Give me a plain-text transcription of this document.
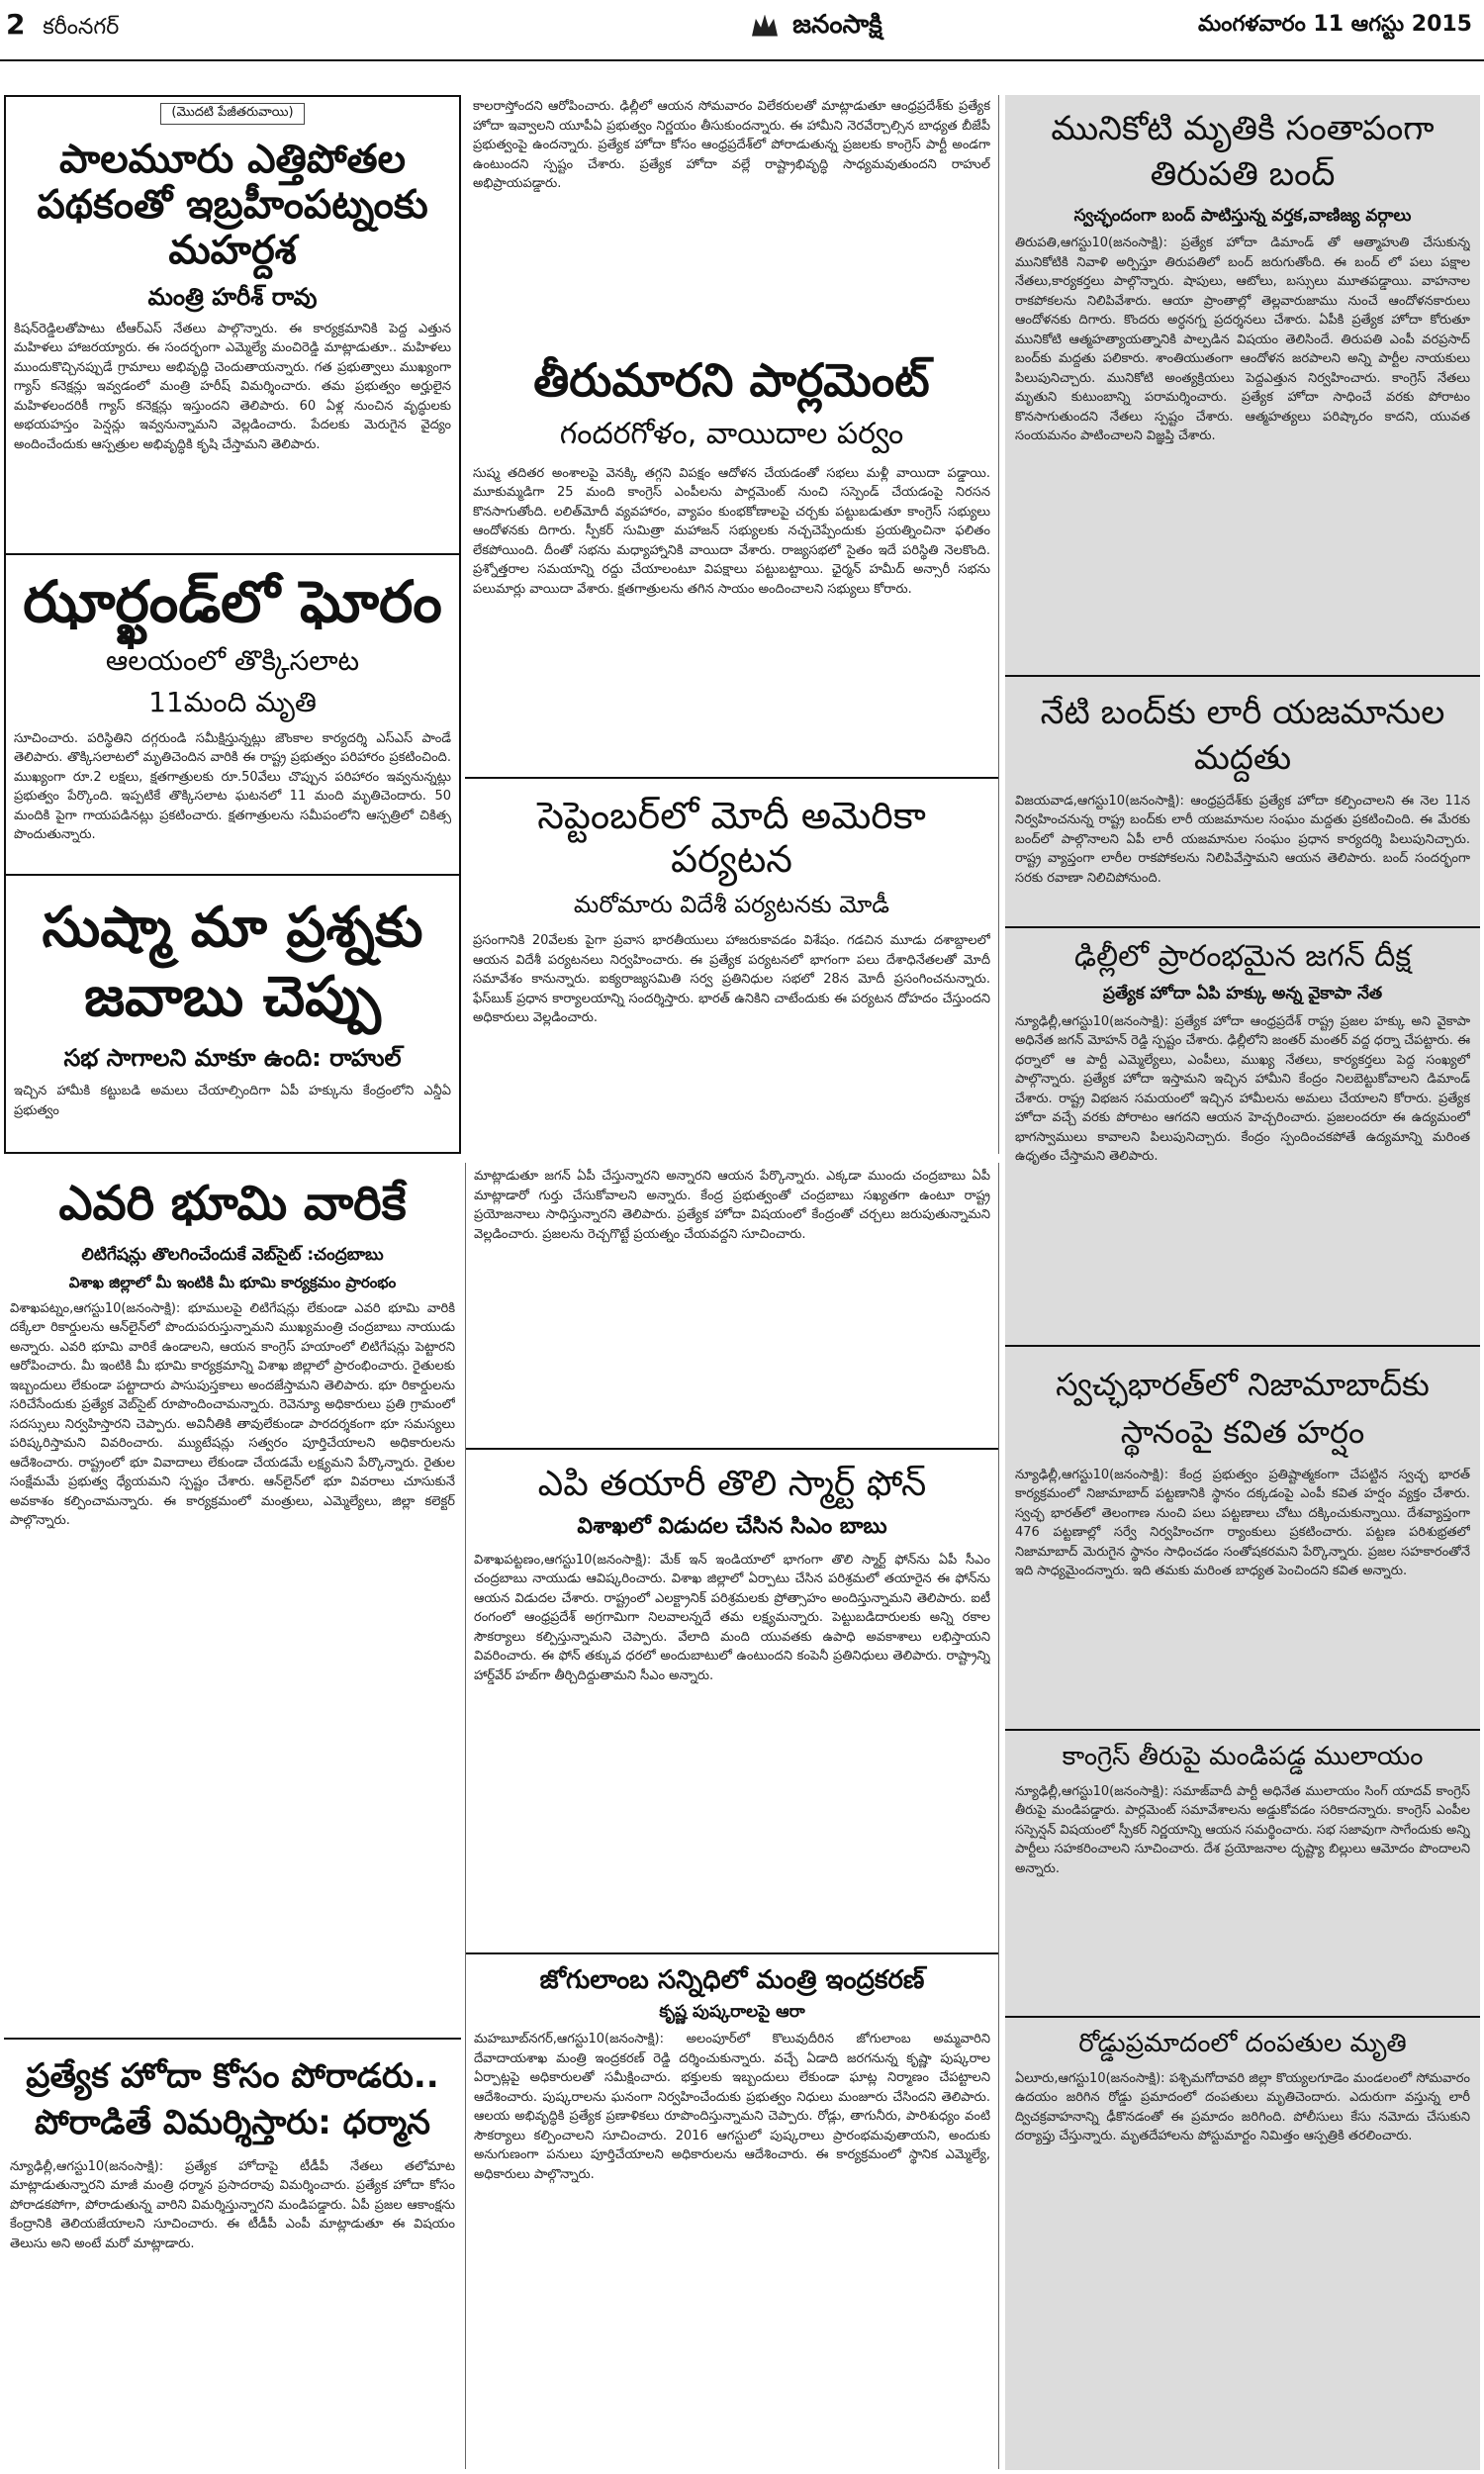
2 కరీంనగర్	జనంసాక్షి	మంగళవారం 11 ఆగస్టు 2015
(మొదటి పేజీతరువాయి)
పాలమూరు ఎత్తిపోతల పథకంతో ఇబ్రహీంపట్నంకు మహర్దశ
మంత్రి హరీశ్ రావు
కిషన్‌రెడ్డిలతోపాటు టీఆర్‌ఎస్ నేతలు పాల్గొన్నారు. ఈ కార్యక్రమానికి పెద్ద ఎత్తున మహిళలు హాజరయ్యారు. ఈ సందర్భంగా ఎమ్మెల్యే మంచిరెడ్డి మాట్లాడుతూ.. మహిళలు ముందుకొచ్చినప్పుడే గ్రామాలు అభివృద్ధి చెందుతాయన్నారు. గత ప్రభుత్వాలు ముఖ్యంగా గ్యాస్ కనెక్షన్లు ఇవ్వడంలో మంత్రి హరీష్ విమర్శించారు. తమ ప్రభుత్వం అర్హులైన మహిళలందరికీ గ్యాస్ కనెక్షన్లు ఇస్తుందని తెలిపారు. 60 ఏళ్ల నుంచిన వృద్ధులకు అభయహస్తం పెన్షన్లు ఇవ్వనున్నామని వెల్లడించారు. పేదలకు మెరుగైన వైద్యం అందించేందుకు ఆస్పత్రుల అభివృద్ధికి కృషి చేస్తామని తెలిపారు.
ఝార్ఖండ్‌లో ఘోరం
ఆలయంలో తొక్కిసలాట
11మంది మృతి
సూచించారు. పరిస్థితిని దగ్గరుండి సమీక్షిస్తున్నట్లు జౌంకాల కార్యదర్శి ఎస్‌ఎస్ పాండే తెలిపారు. తొక్కిసలాటలో మృతిచెందిన వారికి ఈ రాష్ట్ర ప్రభుత్వం పరిహారం ప్రకటించింది. ముఖ్యంగా రూ.2 లక్షలు, క్షతగాత్రులకు రూ.50వేలు చొప్పున పరిహారం ఇవ్వనున్నట్లు ప్రభుత్వం పేర్కొంది. ఇప్పటికే తొక్కిసలాట ఘటనలో 11 మంది మృతిచెందారు. 50 మందికి పైగా గాయపడినట్లు ప్రకటించారు. క్షతగాత్రులను సమీపంలోని ఆస్పత్రిలో చికిత్స పొందుతున్నారు.
సుష్మా మా ప్రశ్నకు జవాబు చెప్పు
సభ సాగాలని మాకూ ఉంది: రాహుల్
ఇచ్చిన హామీకి కట్టుబడి అమలు చేయాల్సిందిగా ఏపీ హక్కును కేంద్రంలోని ఎన్డీఏ ప్రభుత్వం
కాలరాస్తోందని ఆరోపించారు. ఢిల్లీలో ఆయన సోమవారం విలేకరులతో మాట్లాడుతూ ఆంధ్రప్రదేశ్‌కు ప్రత్యేక హోదా ఇవ్వాలని యూపీఏ ప్రభుత్వం నిర్ణయం తీసుకుందన్నారు. ఈ హామీని నెరవేర్చాల్సిన బాధ్యత బీజేపీ ప్రభుత్వంపై ఉందన్నారు. ప్రత్యేక హోదా కోసం ఆంధ్రప్రదేశ్‌లో పోరాడుతున్న ప్రజలకు కాంగ్రెస్ పార్టీ అండగా ఉంటుందని స్పష్టం చేశారు. ప్రత్యేక హోదా వల్లే రాష్ట్రాభివృద్ధి సాధ్యమవుతుందని రాహుల్ అభిప్రాయపడ్డారు.
తీరుమారని పార్లమెంట్
గందరగోళం, వాయిదాల పర్వం
సుష్మ తదితర అంశాలపై వెనక్కి తగ్గని విపక్షం ఆదోళన చేయడంతో సభలు మళ్లీ వాయిదా పడ్డాయి. మూకుమ్మడిగా 25 మంది కాంగ్రెస్ ఎంపీలను పార్లమెంట్ నుంచి సస్పెండ్ చేయడంపై నిరసన కొనసాగుతోంది. లలిత్‌మోదీ వ్యవహారం, వ్యాపం కుంభకోణాలపై చర్చకు పట్టుబడుతూ కాంగ్రెస్ సభ్యులు ఆందోళనకు దిగారు. స్పీకర్ సుమిత్రా మహాజన్ సభ్యులకు నచ్చచెప్పేందుకు ప్రయత్నించినా ఫలితం లేకపోయింది. దీంతో సభను మధ్యాహ్నానికి వాయిదా వేశారు. రాజ్యసభలో సైతం ఇదే పరిస్థితి నెలకొంది. ప్రశ్నోత్తరాల సమయాన్ని రద్దు చేయాలంటూ విపక్షాలు పట్టుబట్టాయి. ఛైర్మన్ హమీద్ అన్సారీ సభను పలుమార్లు వాయిదా వేశారు. క్షతగాత్రులను తగిన సాయం అందించాలని సభ్యులు కోరారు.
సెప్టెంబర్‌లో మోదీ అమెరికా పర్యటన
మరోమారు విదేశీ పర్యటనకు మోడీ
ప్రసంగానికి 20వేలకు పైగా ప్రవాస భారతీయులు హాజరుకావడం విశేషం. గడచిన మూడు దశాబ్దాలలో ఆయన విదేశీ పర్యటనలు నిర్వహించారు. ఈ ప్రత్యేక పర్యటనలో భాగంగా పలు దేశాధినేతలతో మోదీ సమావేశం కానున్నారు. ఐక్యరాజ్యసమితి సర్వ ప్రతినిధుల సభలో 28న మోదీ ప్రసంగించనున్నారు. ఫేస్‌బుక్ ప్రధాన కార్యాలయాన్ని సందర్శిస్తారు. భారత్ ఉనికిని చాటేందుకు ఈ పర్యటన దోహదం చేస్తుందని అధికారులు వెల్లడించారు.
మునికోటి మృతికి సంతాపంగా తిరుపతి బంద్
స్వచ్ఛందంగా బంద్ పాటిస్తున్న వర్తక,వాణిజ్య వర్గాలు
తిరుపతి,ఆగస్టు10(జనంసాక్షి): ప్రత్యేక హోదా డిమాండ్ తో ఆత్మాహుతి చేసుకున్న మునికోటికి నివాళి అర్పిస్తూ తిరుపతిలో బంద్ జరుగుతోంది. ఈ బంద్ లో పలు పక్షాల నేతలు,కార్యకర్తలు పాల్గొన్నారు. షాపులు, ఆటోలు, బస్సులు మూతపడ్డాయి. వాహనాల రాకపోకలను నిలిపివేశారు. ఆయా ప్రాంతాల్లో తెల్లవారుజాము నుంచే ఆందోళనకారులు ఆందోళనకు దిగారు. కొందరు అర్ధనగ్న ప్రదర్శనలు చేశారు. ఏపీకి ప్రత్యేక హోదా కోరుతూ మునికోటి ఆత్మహత్యాయత్నానికి పాల్పడిన విషయం తెలిసిందే. తిరుపతి ఎంపీ వరప్రసాద్ బంద్‌కు మద్దతు పలికారు. శాంతియుతంగా ఆందోళన జరపాలని అన్ని పార్టీల నాయకులు పిలుపునిచ్చారు. మునికోటి అంత్యక్రియలు పెద్దఎత్తున నిర్వహించారు. కాంగ్రెస్ నేతలు మృతుని కుటుంబాన్ని పరామర్శించారు. ప్రత్యేక హోదా సాధించే వరకు పోరాటం కొనసాగుతుందని నేతలు స్పష్టం చేశారు. ఆత్మహత్యలు పరిష్కారం కాదని, యువత సంయమనం పాటించాలని విజ్ఞప్తి చేశారు.
నేటి బంద్‌కు లారీ యజమానుల మద్దతు
విజయవాడ,ఆగస్టు10(జనంసాక్షి): ఆంధ్రప్రదేశ్‌కు ప్రత్యేక హోదా కల్పించాలని ఈ నెల 11న నిర్వహించనున్న రాష్ట్ర బంద్‌కు లారీ యజమానుల సంఘం మద్దతు ప్రకటించింది. ఈ మేరకు బంద్‌లో పాల్గొనాలని ఏపీ లారీ యజమానుల సంఘం ప్రధాన కార్యదర్శి పిలుపునిచ్చారు. రాష్ట్ర వ్యాప్తంగా లారీల రాకపోకలను నిలిపివేస్తామని ఆయన తెలిపారు. బంద్ సందర్భంగా సరకు రవాణా నిలిచిపోనుంది.
ఢిల్లీలో ప్రారంభమైన జగన్ దీక్ష
ప్రత్యేక హోదా ఏపి హక్కు అన్న వైకాపా నేత
న్యూఢిల్లీ,ఆగస్టు10(జనంసాక్షి): ప్రత్యేక హోదా ఆంధ్రప్రదేశ్ రాష్ట్ర ప్రజల హక్కు అని వైకాపా అధినేత జగన్ మోహన్ రెడ్డి స్పష్టం చేశారు. ఢిల్లీలోని జంతర్ మంతర్ వద్ద ధర్నా చేపట్టారు. ఈ ధర్నాలో ఆ పార్టీ ఎమ్మెల్యేలు, ఎంపీలు, ముఖ్య నేతలు, కార్యకర్తలు పెద్ద సంఖ్యలో పాల్గొన్నారు. ప్రత్యేక హోదా ఇస్తామని ఇచ్చిన హామీని కేంద్రం నిలబెట్టుకోవాలని డిమాండ్ చేశారు. రాష్ట్ర విభజన సమయంలో ఇచ్చిన హామీలను అమలు చేయాలని కోరారు. ప్రత్యేక హోదా వచ్చే వరకు పోరాటం ఆగదని ఆయన హెచ్చరించారు. ప్రజలందరూ ఈ ఉద్యమంలో భాగస్వాములు కావాలని పిలుపునిచ్చారు. కేంద్రం స్పందించకపోతే ఉద్యమాన్ని మరింత ఉధృతం చేస్తామని తెలిపారు.
స్వచ్ఛభారత్‌లో నిజామాబాద్‌కు స్థానంపై కవిత హర్షం
న్యూఢిల్లీ,ఆగస్టు10(జనంసాక్షి): కేంద్ర ప్రభుత్వం ప్రతిష్టాత్మకంగా చేపట్టిన స్వచ్ఛ భారత్ కార్యక్రమంలో నిజామాబాద్ పట్టణానికి స్థానం దక్కడంపై ఎంపీ కవిత హర్షం వ్యక్తం చేశారు. స్వచ్ఛ భారత్‌లో తెలంగాణ నుంచి పలు పట్టణాలు చోటు దక్కించుకున్నాయి. దేశవ్యాప్తంగా 476 పట్టణాల్లో సర్వే నిర్వహించగా ర్యాంకులు ప్రకటించారు. పట్టణ పరిశుభ్రతలో నిజామాబాద్ మెరుగైన స్థానం సాధించడం సంతోషకరమని పేర్కొన్నారు. ప్రజల సహకారంతోనే ఇది సాధ్యమైందన్నారు. ఇది తమకు మరింత బాధ్యత పెంచిందని కవిత అన్నారు.
కాంగ్రెస్ తీరుపై మండిపడ్డ ములాయం
న్యూఢిల్లీ,ఆగస్టు10(జనంసాక్షి): సమాజ్‌వాదీ పార్టీ అధినేత ములాయం సింగ్ యాదవ్ కాంగ్రెస్ తీరుపై మండిపడ్డారు. పార్లమెంట్ సమావేశాలను అడ్డుకోవడం సరికాదన్నారు. కాంగ్రెస్ ఎంపీల సస్పెన్షన్ విషయంలో స్పీకర్ నిర్ణయాన్ని ఆయన సమర్థించారు. సభ సజావుగా సాగేందుకు అన్ని పార్టీలు సహకరించాలని సూచించారు. దేశ ప్రయోజనాల దృష్ట్యా బిల్లులు ఆమోదం పొందాలని అన్నారు.
రోడ్డుప్రమాదంలో దంపతుల మృతి
ఏలూరు,ఆగస్టు10(జనంసాక్షి): పశ్చిమగోదావరి జిల్లా కొయ్యలగూడెం మండలంలో సోమవారం ఉదయం జరిగిన రోడ్డు ప్రమాదంలో దంపతులు మృతిచెందారు. ఎదురుగా వస్తున్న లారీ ద్విచక్రవాహనాన్ని ఢీకొనడంతో ఈ ప్రమాదం జరిగింది. పోలీసులు కేసు నమోదు చేసుకుని దర్యాప్తు చేస్తున్నారు. మృతదేహాలను పోస్టుమార్టం నిమిత్తం ఆస్పత్రికి తరలించారు.
ఎవరి భూమి వారికే
లిటిగేషన్లు తొలగించేందుకే వెబ్‌సైట్ :చంద్రబాబు
విశాఖ జిల్లాలో మీ ఇంటికి మీ భూమి కార్యక్రమం ప్రారంభం
విశాఖపట్నం,ఆగస్టు10(జనంసాక్షి): భూములపై లిటిగేషన్లు లేకుండా ఎవరి భూమి వారికి దక్కేలా రికార్డులను ఆన్‌లైన్‌లో పొందుపరుస్తున్నామని ముఖ్యమంత్రి చంద్రబాబు నాయుడు అన్నారు. ఎవరి భూమి వారికే ఉండాలని, ఆయన కాంగ్రెస్ హయాంలో లిటిగేషన్లు పెట్టారని ఆరోపించారు. మీ ఇంటికి మీ భూమి కార్యక్రమాన్ని విశాఖ జిల్లాలో ప్రారంభించారు. రైతులకు ఇబ్బందులు లేకుండా పట్టాదారు పాసుపుస్తకాలు అందజేస్తామని తెలిపారు. భూ రికార్డులను సరిచేసేందుకు ప్రత్యేక వెబ్‌సైట్ రూపొందించామన్నారు. రెవెన్యూ అధికారులు ప్రతి గ్రామంలో సదస్సులు నిర్వహిస్తారని చెప్పారు. అవినీతికి తావులేకుండా పారదర్శకంగా భూ సమస్యలు పరిష్కరిస్తామని వివరించారు. మ్యుటేషన్లు సత్వరం పూర్తిచేయాలని అధికారులను ఆదేశించారు. రాష్ట్రంలో భూ వివాదాలు లేకుండా చేయడమే లక్ష్యమని పేర్కొన్నారు. రైతుల సంక్షేమమే ప్రభుత్వ ధ్యేయమని స్పష్టం చేశారు. ఆన్‌లైన్‌లో భూ వివరాలు చూసుకునే అవకాశం కల్పించామన్నారు. ఈ కార్యక్రమంలో మంత్రులు, ఎమ్మెల్యేలు, జిల్లా కలెక్టర్ పాల్గొన్నారు.
ప్రత్యేక హోదా కోసం పోరాడరు.. పోరాడితే విమర్శిస్తారు: ధర్మాన
న్యూఢిల్లీ,ఆగస్టు10(జనంసాక్షి): ప్రత్యేక హోదాపై టీడీపీ నేతలు తలోమాట మాట్లాడుతున్నారని మాజీ మంత్రి ధర్మాన ప్రసాదరావు విమర్శించారు. ప్రత్యేక హోదా కోసం పోరాడకపోగా, పోరాడుతున్న వారిని విమర్శిస్తున్నారని మండిపడ్డారు. ఏపీ ప్రజల ఆకాంక్షను కేంద్రానికి తెలియజేయాలని సూచించారు. ఈ టీడీపీ ఎంపీ మాట్లాడుతూ ఈ విషయం తెలుసు అని అంటే మరో మాట్లాడారు.
మాట్లాడుతూ జగన్ ఏపీ చేస్తున్నారని అన్నారని ఆయన పేర్కొన్నారు. ఎక్కడా ముందు చంద్రబాబు ఏపీ మాట్లాడారో గుర్తు చేసుకోవాలని అన్నారు. కేంద్ర ప్రభుత్వంతో చంద్రబాబు సఖ్యతగా ఉంటూ రాష్ట్ర ప్రయోజనాలు సాధిస్తున్నారని తెలిపారు. ప్రత్యేక హోదా విషయంలో కేంద్రంతో చర్చలు జరుపుతున్నామని వెల్లడించారు. ప్రజలను రెచ్చగొట్టే ప్రయత్నం చేయవద్దని సూచించారు.
ఎపి తయారీ తొలి స్మార్ట్ ఫోన్
విశాఖలో విడుదల చేసిన సిఎం బాబు
విశాఖపట్టణం,ఆగస్టు10(జనంసాక్షి): మేక్ ఇన్ ఇండియాలో భాగంగా తొలి స్మార్ట్ ఫోన్‌ను ఏపీ సీఎం చంద్రబాబు నాయుడు ఆవిష్కరించారు. విశాఖ జిల్లాలో ఏర్పాటు చేసిన పరిశ్రమలో తయారైన ఈ ఫోన్‌ను ఆయన విడుదల చేశారు. రాష్ట్రంలో ఎలక్ట్రానిక్ పరిశ్రమలకు ప్రోత్సాహం అందిస్తున్నామని తెలిపారు. ఐటీ రంగంలో ఆంధ్రప్రదేశ్ అగ్రగామిగా నిలవాలన్నదే తమ లక్ష్యమన్నారు. పెట్టుబడిదారులకు అన్ని రకాల సౌకర్యాలు కల్పిస్తున్నామని చెప్పారు. వేలాది మంది యువతకు ఉపాధి అవకాశాలు లభిస్తాయని వివరించారు. ఈ ఫోన్ తక్కువ ధరలో అందుబాటులో ఉంటుందని కంపెనీ ప్రతినిధులు తెలిపారు. రాష్ట్రాన్ని హార్డ్‌వేర్ హబ్‌గా తీర్చిదిద్దుతామని సీఎం అన్నారు.
జోగులాంబ సన్నిధిలో మంత్రి ఇంద్రకరణ్
కృష్ణ పుష్కరాలపై ఆరా
మహబూబ్‌నగర్,ఆగస్టు10(జనంసాక్షి): అలంపూర్‌లో కొలువుదీరిన జోగులాంబ అమ్మవారిని దేవాదాయశాఖ మంత్రి ఇంద్రకరణ్ రెడ్డి దర్శించుకున్నారు. వచ్చే ఏడాది జరగనున్న కృష్ణా పుష్కరాల ఏర్పాట్లపై అధికారులతో సమీక్షించారు. భక్తులకు ఇబ్బందులు లేకుండా ఘాట్ల నిర్మాణం చేపట్టాలని ఆదేశించారు. పుష్కరాలను ఘనంగా నిర్వహించేందుకు ప్రభుత్వం నిధులు మంజూరు చేసిందని తెలిపారు. ఆలయ అభివృద్ధికి ప్రత్యేక ప్రణాళికలు రూపొందిస్తున్నామని చెప్పారు. రోడ్లు, తాగునీరు, పారిశుధ్యం వంటి సౌకర్యాలు కల్పించాలని సూచించారు. 2016 ఆగస్టులో పుష్కరాలు ప్రారంభమవుతాయని, అందుకు అనుగుణంగా పనులు పూర్తిచేయాలని అధికారులను ఆదేశించారు. ఈ కార్యక్రమంలో స్థానిక ఎమ్మెల్యే, అధికారులు పాల్గొన్నారు.
